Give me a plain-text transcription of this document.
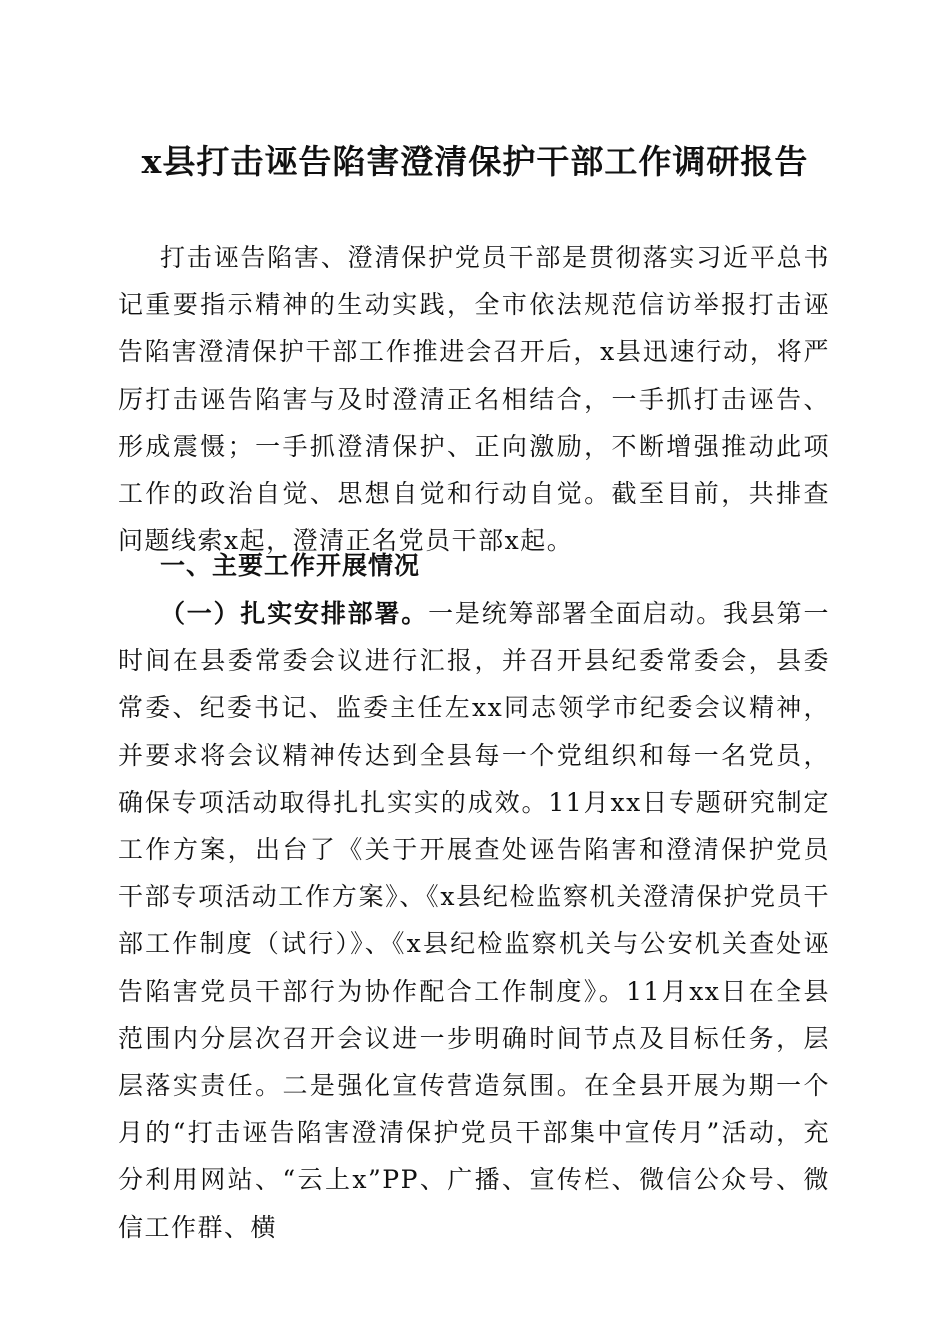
x县打击诬告陷害澄清保护干部工作调研报告

打击诬告陷害、澄清保护党员干部是贯彻落实习近平总书记重要指示精神的生动实践，全市依法规范信访举报打击诬告陷害澄清保护干部工作推进会召开后，x县迅速行动，将严厉打击诬告陷害与及时澄清正名相结合，一手抓打击诬告、形成震慑；一手抓澄清保护、正向激励，不断增强推动此项工作的政治自觉、思想自觉和行动自觉。截至目前，共排查问题线索x起，澄清正名党员干部x起。

一、主要工作开展情况

（一）扎实安排部署。一是统筹部署全面启动。我县第一时间在县委常委会议进行汇报，并召开县纪委常委会，县委常委、纪委书记、监委主任左xx同志领学市纪委会议精神，并要求将会议精神传达到全县每一个党组织和每一名党员，确保专项活动取得扎扎实实的成效。11月xx日专题研究制定工作方案，出台了《关于开展查处诬告陷害和澄清保护党员干部专项活动工作方案》、《x县纪检监察机关澄清保护党员干部工作制度（试行）》、《x县纪检监察机关与公安机关查处诬告陷害党员干部行为协作配合工作制度》。11月xx日在全县范围内分层次召开会议进一步明确时间节点及目标任务，层层落实责任。二是强化宣传营造氛围。在全县开展为期一个月的“打击诬告陷害澄清保护党员干部集中宣传月”活动，充分利用网站、“云上x”PP、广播、宣传栏、微信公众号、微信工作群、横
